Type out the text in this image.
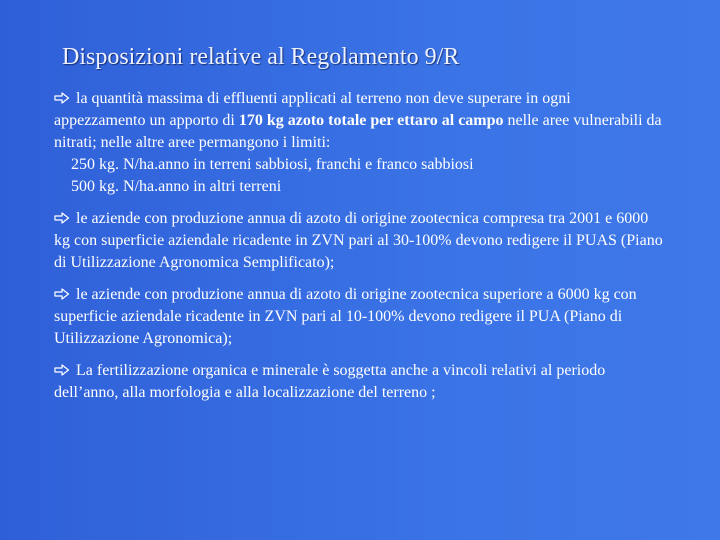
Disposizioni relative al Regolamento 9/R

la quantità massima di effluenti applicati al terreno non deve superare in ogni appezzamento un apporto di 170 kg azoto totale per ettaro al campo nelle aree vulnerabili da nitrati; nelle altre aree permangono i limiti:
250 kg. N/ha.anno in terreni sabbiosi, franchi e franco sabbiosi
500 kg. N/ha.anno in altri terreni

le aziende con produzione annua di azoto di origine zootecnica compresa tra 2001 e 6000 kg con superficie aziendale ricadente in ZVN pari al 30-100% devono redigere il PUAS (Piano di Utilizzazione Agronomica Semplificato);

le aziende con produzione annua di azoto di origine zootecnica superiore a 6000 kg con superficie aziendale ricadente in ZVN pari al 10-100% devono redigere il PUA (Piano di Utilizzazione Agronomica);

La fertilizzazione organica e minerale è soggetta anche a vincoli relativi al periodo dell’anno, alla morfologia e alla localizzazione del terreno ;
